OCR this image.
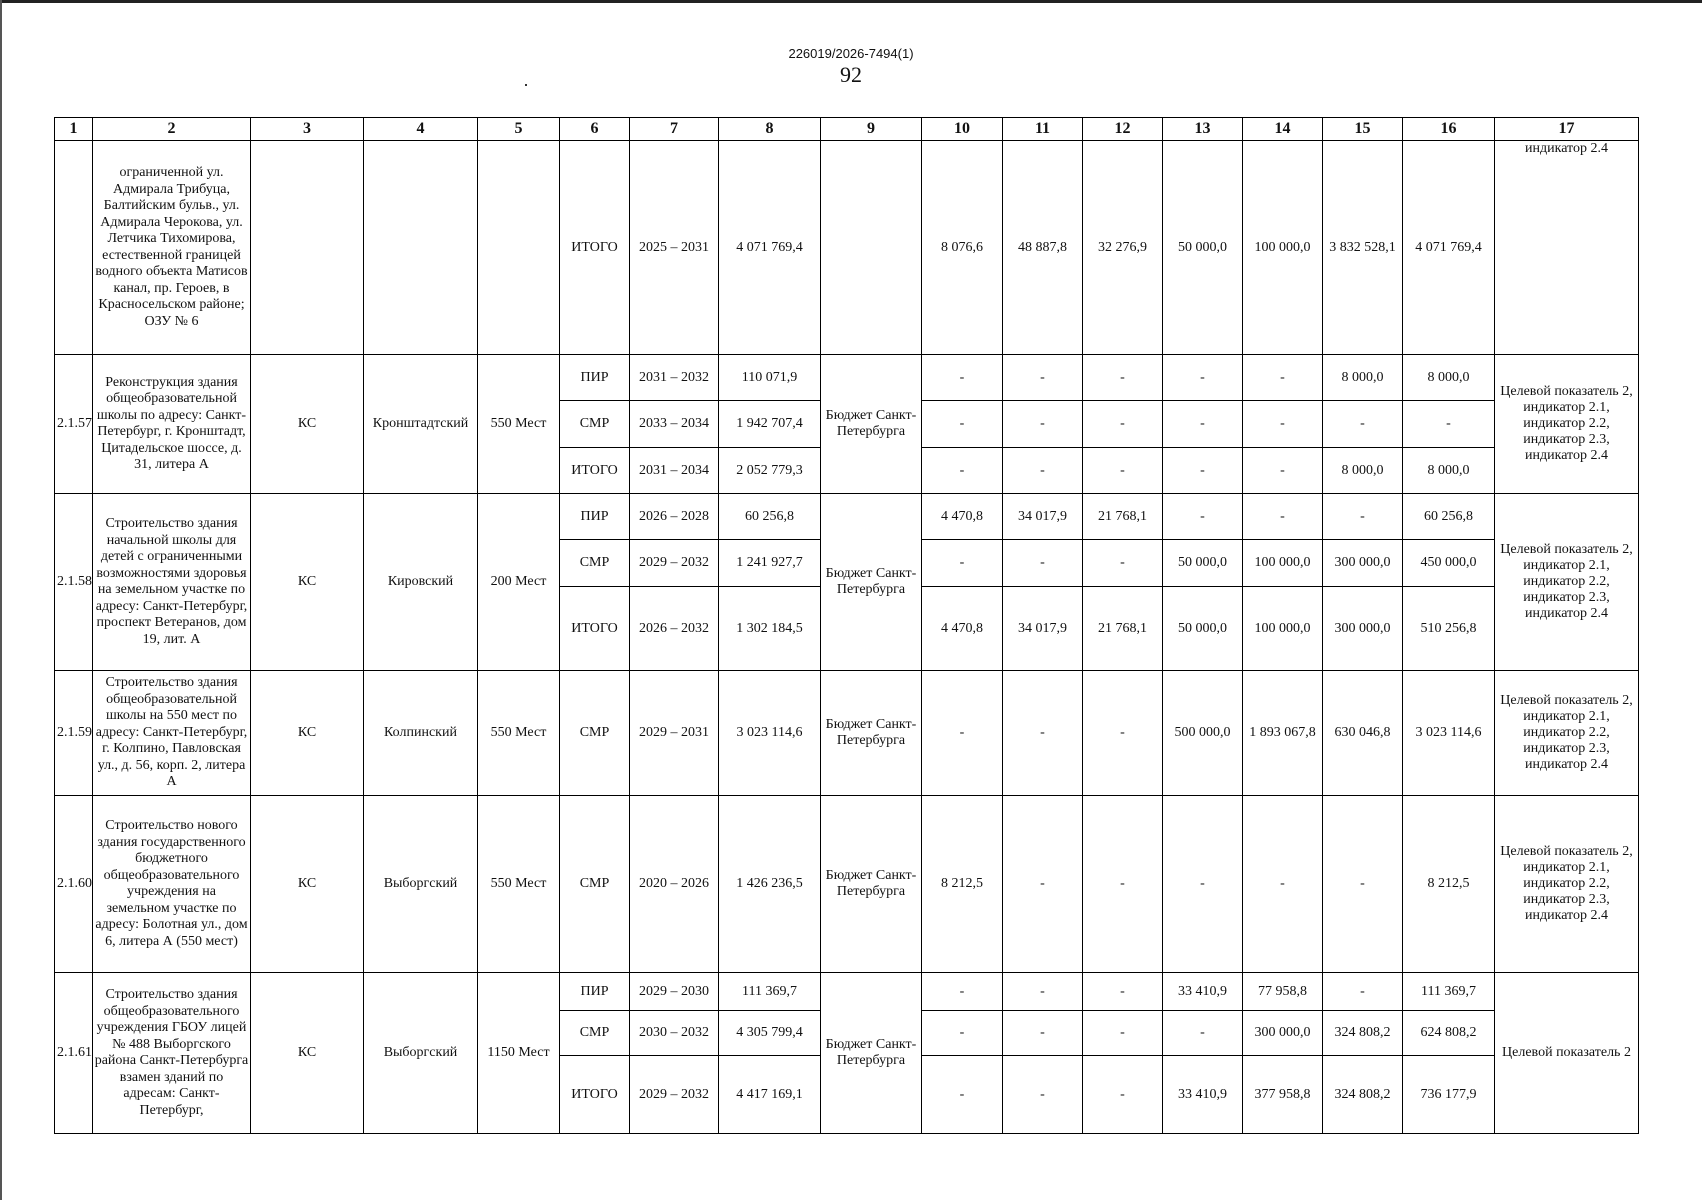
226019/2026-7494(1)
92
1	2	3	4	5	6	7	8	9	10	11	12	13	14	15	16	17
	ограниченной ул. Адмирала Трибуца, Балтийским бульв., ул. Адмирала Черокова, ул. Летчика Тихомирова, естественной границей водного объекта Матисов канал, пр. Героев, в Красносельском районе; ОЗУ № 6				ИТОГО	2025 – 2031	4 071 769,4		8 076,6	48 887,8	32 276,9	50 000,0	100 000,0	3 832 528,1	4 071 769,4	индикатор 2.4
2.1.57	Реконструкция здания общеобразовательной школы по адресу: Санкт-Петербург, г. Кронштадт, Цитадельское шоссе, д. 31, литера А	КС	Кронштадтский	550 Мест	ПИР	2031 – 2032	110 071,9	Бюджет Санкт-Петербурга	-	-	-	-	-	8 000,0	8 000,0	Целевой показатель 2, индикатор 2.1, индикатор 2.2, индикатор 2.3, индикатор 2.4
					СМР	2033 – 2034	1 942 707,4		-	-	-	-	-	-	-	
					ИТОГО	2031 – 2034	2 052 779,3		-	-	-	-	-	8 000,0	8 000,0	
2.1.58	Строительство здания начальной школы для детей с ограниченными возможностями здоровья на земельном участке по адресу: Санкт-Петербург, проспект Ветеранов, дом 19, лит. А	КС	Кировский	200 Мест	ПИР	2026 – 2028	60 256,8	Бюджет Санкт-Петербурга	4 470,8	34 017,9	21 768,1	-	-	-	60 256,8	Целевой показатель 2, индикатор 2.1, индикатор 2.2, индикатор 2.3, индикатор 2.4
					СМР	2029 – 2032	1 241 927,7		-	-	-	50 000,0	100 000,0	300 000,0	450 000,0	
					ИТОГО	2026 – 2032	1 302 184,5		4 470,8	34 017,9	21 768,1	50 000,0	100 000,0	300 000,0	510 256,8	
2.1.59	Строительство здания общеобразовательной школы на 550 мест по адресу: Санкт-Петербург, г. Колпино, Павловская ул., д. 56, корп. 2, литера А	КС	Колпинский	550 Мест	СМР	2029 – 2031	3 023 114,6	Бюджет Санкт-Петербурга	-	-	-	500 000,0	1 893 067,8	630 046,8	3 023 114,6	Целевой показатель 2, индикатор 2.1, индикатор 2.2, индикатор 2.3, индикатор 2.4
2.1.60	Строительство нового здания государственного бюджетного общеобразовательного учреждения на земельном участке по адресу: Болотная ул., дом 6, литера А (550 мест)	КС	Выборгский	550 Мест	СМР	2020 – 2026	1 426 236,5	Бюджет Санкт-Петербурга	8 212,5	-	-	-	-	-	8 212,5	Целевой показатель 2, индикатор 2.1, индикатор 2.2, индикатор 2.3, индикатор 2.4
2.1.61	Строительство здания общеобразовательного учреждения ГБОУ лицей № 488 Выборгского района Санкт-Петербурга взамен зданий по адресам: Санкт-Петербург,	КС	Выборгский	1150 Мест	ПИР	2029 – 2030	111 369,7	Бюджет Санкт-Петербурга	-	-	-	33 410,9	77 958,8	-	111 369,7	Целевой показатель 2
					СМР	2030 – 2032	4 305 799,4		-	-	-	-	300 000,0	324 808,2	624 808,2	
					ИТОГО	2029 – 2032	4 417 169,1		-	-	-	33 410,9	377 958,8	324 808,2	736 177,9	
